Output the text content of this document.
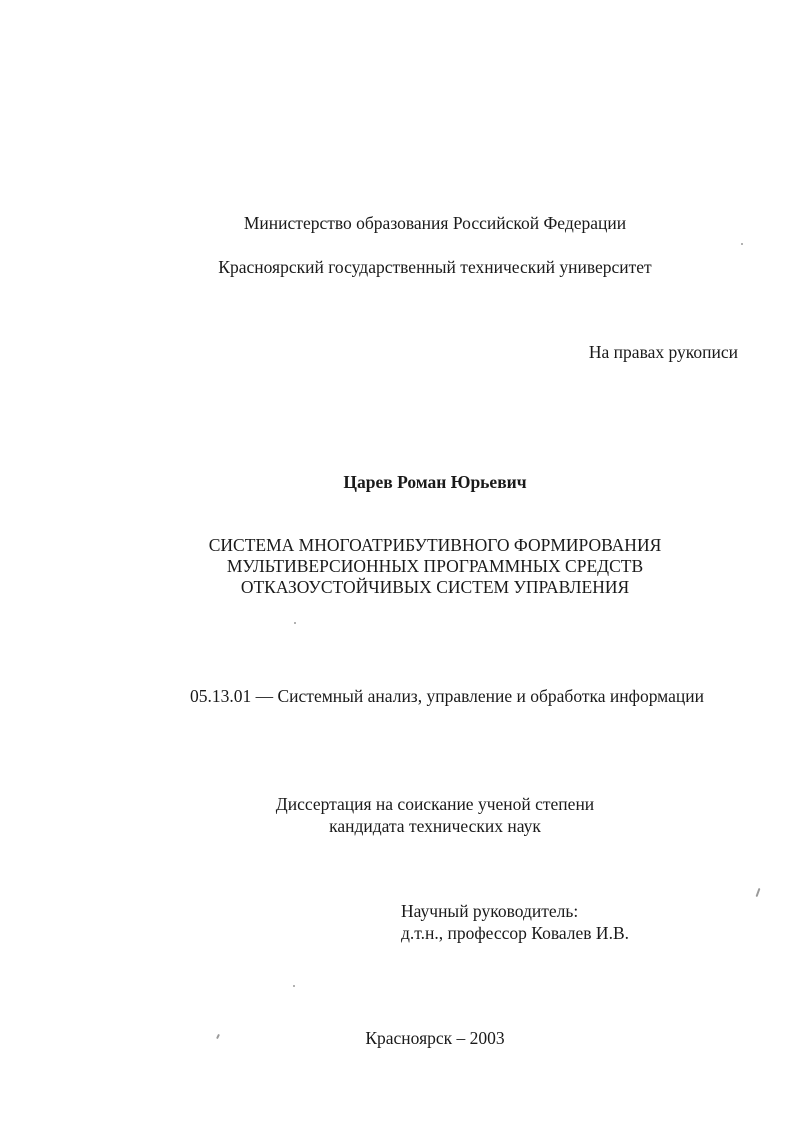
Министерство образования Российской Федерации

Красноярский государственный технический университет

На правах рукописи

Царев Роман Юрьевич

СИСТЕМА МНОГОАТРИБУТИВНОГО ФОРМИРОВАНИЯ
МУЛЬТИВЕРСИОННЫХ ПРОГРАММНЫХ СРЕДСТВ
ОТКАЗОУСТОЙЧИВЫХ СИСТЕМ УПРАВЛЕНИЯ

05.13.01 — Системный анализ, управление и обработка информации

Диссертация на соискание ученой степени

кандидата технических наук

Научный руководитель:

д.т.н., профессор Ковалев И.В.

Красноярск – 2003
